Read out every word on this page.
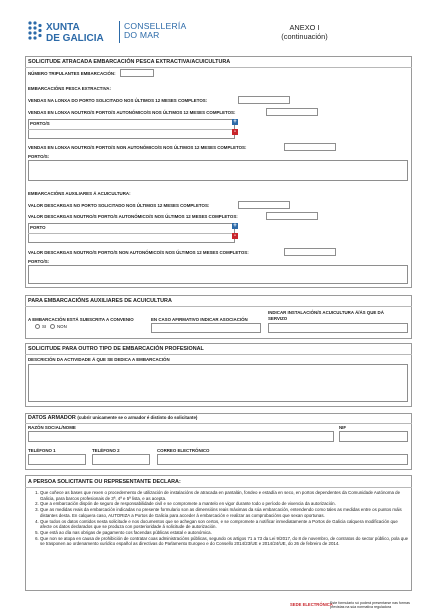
XUNTA
DE GALICIA
CONSELLERÍA
DO MAR
ANEXO I
(continuación)
SOLICITUDE ATRACADA EMBARCACIÓN PESCA EXTRACTIVA/ACUICULTURA
NÚMERO TRIPULANTES EMBARCACIÓN:
EMBARCACIÓNS PESCA EXTRACTIVA:
VENDAS NA LONXA DO PORTO SOLICITADO NOS ÚLTIMOS 12 MESES COMPLETOS:
VENDAS EN LONXA NOUTRO/S PORTO/S AUTONÓMICO/S NOS ÚLTIMOS 12 MESES COMPLETOS:
PORTO/S	+
-
VENDAS EN LONXA NOUTRO/S PORTO/S NON AUTONÓMICO/S NOS ÚLTIMOS 12 MESES COMPLETOS:
PORTO/S:
EMBARCACIÓNS AUXILIARES Á ACUICULTURA:
VALOR DESCARGAS NO PORTO SOLICITADO NOS ÚLTIMOS 12 MESES COMPLETOS:
VALOR DESCARGAS NOUTRO/S PORTO/S AUTONÓMICO/S NOS ÚLTIMOS 12 MESES COMPLETOS:
PORTO	+
-
VALOR DESCARGAS NOUTRO/S PORTO/S NON AUTONÓMICO/S NOS ÚLTIMOS 12 MESES COMPLETOS:
PORTO/S:
PARA EMBARCACIÓNS AUXILIARES DE ACUICULTURA
A EMBARCACIÓN ESTÁ SUBSCRITA A CONVENIO
SI NON
EN CASO AFIRMATIVO INDICAR ASOCIACIÓN
INDICAR INSTALACIÓN/S ACUICULTURA Á/ÁS QUE DÁ
SERVIZO
SOLICITUDE PARA OUTRO TIPO DE EMBARCACIÓN PROFESIONAL
DESCRICIÓN DA ACTIVIDADE Á QUE SE DEDICA A EMBARCACIÓN
DATOS ARMADOR (cubrir unicamente se o armador é distinto do solicitante)
RAZÓN SOCIAL/NOME	NIF
TELÉFONO 1	TELÉFONO 2	CORREO ELECTRÓNICO
A PERSOA SOLICITANTE OU REPRESENTANTE DECLARA:
1. Que coñece as bases que rexen o procedemento de utilización de instalacións de atracada en pantalán, fondeo e estadía en seco, en portos dependentes da Comunidade Autónoma de Galicia, para barcos profesionais de 3ª, 4ª e 5ª lista, e as acepta.
2. Que a embarcación dispón de seguro de responsabilidade civil e se compromete a mantelo en vigor durante todo o período de vixencia da autorización.
3. Que as medidas reais da embarcación indicadas no presente formulario son as dimensións reais máximas da súa embarcación, entendendo como tales as medidas entre os puntos máis distantes desta. En calquera caso, AUTORIZA a Portos de Galicia para acceder á embarcación e realizar as comprobacións que sexan oportunas.
4. Que todos os datos contidos nesta solicitude e nos documentos que se achegan son certos, e se compromete a notificar inmediatamente a Portos de Galicia calquera modificación que afecte os datos declarados que se produza con posterioridade á solicitude de autorización.
5. Que está ao día nas obrigas de pagamento cos facendas públicas estatal e autonómica.
6. Que non se atopa en causa de prohibición de contratar coas administracións públicas, segundo os artigos 71 a 73 da Lei 9/2017, do 8 de novembro, de contratos do sector público, pola que se trasponen ao ordenamento xurídico español as directivas do Parlamento Europeo e do Consello 2014/23/UE e 2014/24/UE, do 26 de febreiro de 2014.
SEDE ELECTRÓNICA
Este formulario só poderá presentarse nas formas previstas na súa normativa reguladora
